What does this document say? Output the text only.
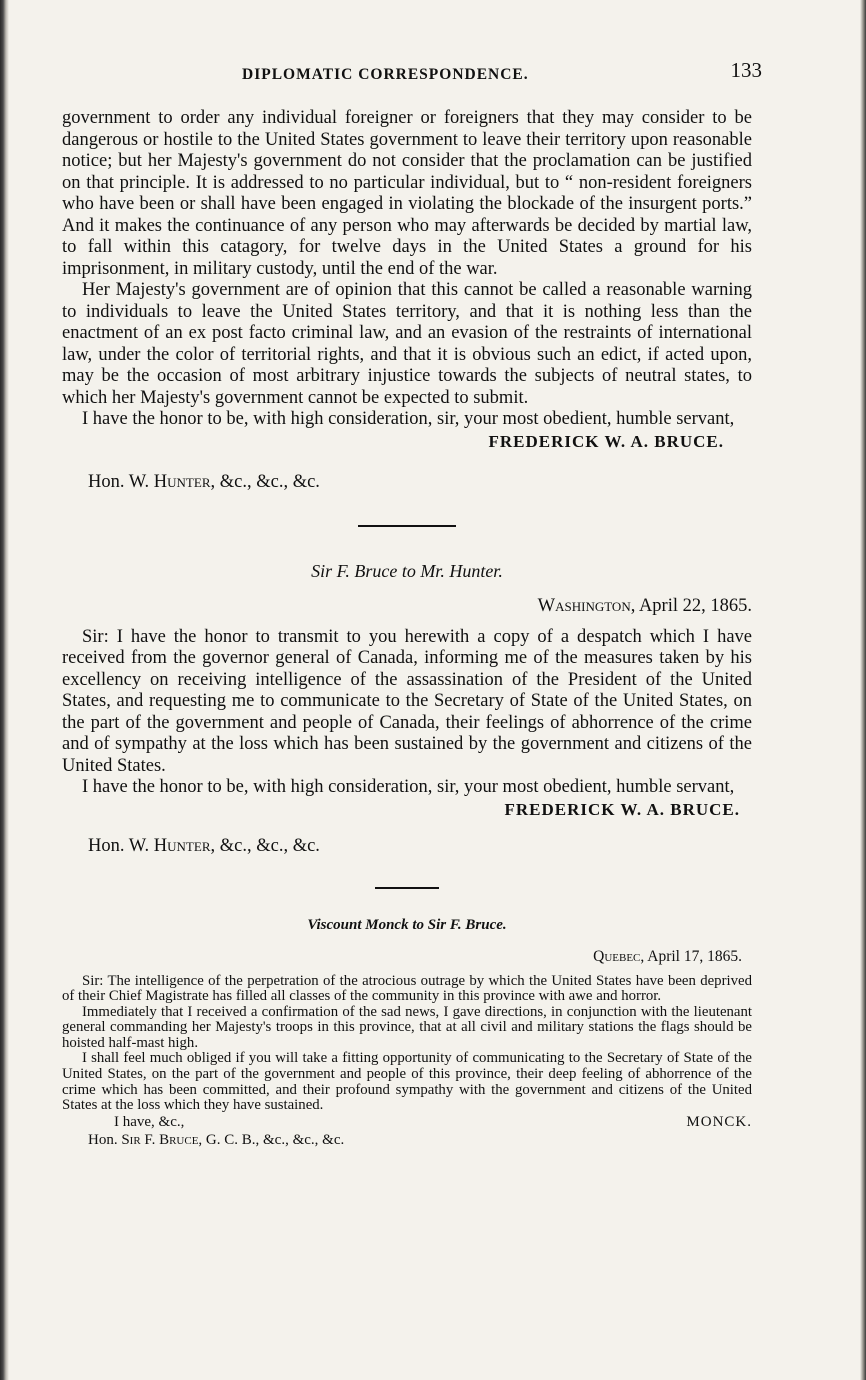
DIPLOMATIC CORRESPONDENCE.	133

government to order any individual foreigner or foreigners that they may consider to be dangerous or hostile to the United States government to leave their territory upon reasonable notice; but her Majesty's government do not consider that the proclamation can be justified on that principle. It is addressed to no particular individual, but to “ non-resident foreigners who have been or shall have been engaged in violating the blockade of the insurgent ports.” And it makes the continuance of any person who may afterwards be decided by martial law, to fall within this catagory, for twelve days in the United States a ground for his imprisonment, in military custody, until the end of the war.

Her Majesty's government are of opinion that this cannot be called a reasonable warning to individuals to leave the United States territory, and that it is nothing less than the enactment of an ex post facto criminal law, and an evasion of the restraints of international law, under the color of territorial rights, and that it is obvious such an edict, if acted upon, may be the occasion of most arbitrary injustice towards the subjects of neutral states, to which her Majesty's government cannot be expected to submit.

I have the honor to be, with high consideration, sir, your most obedient, humble servant,

FREDERICK W. A. BRUCE.
Hon. W. Hunter, &c., &c., &c.
Sir F. Bruce to Mr. Hunter.
Washington, April 22, 1865.

Sir: I have the honor to transmit to you herewith a copy of a despatch which I have received from the governor general of Canada, informing me of the measures taken by his excellency on receiving intelligence of the assassination of the President of the United States, and requesting me to communicate to the Secretary of State of the United States, on the part of the government and people of Canada, their feelings of abhorrence of the crime and of sympathy at the loss which has been sustained by the government and citizens of the United States.

I have the honor to be, with high consideration, sir, your most obedient, humble servant,

FREDERICK W. A. BRUCE.
Hon. W. Hunter, &c., &c., &c.
Viscount Monck to Sir F. Bruce.
Quebec, April 17, 1865.

Sir: The intelligence of the perpetration of the atrocious outrage by which the United States have been deprived of their Chief Magistrate has filled all classes of the community in this province with awe and horror.

Immediately that I received a confirmation of the sad news, I gave directions, in conjunction with the lieutenant general commanding her Majesty's troops in this province, that at all civil and military stations the flags should be hoisted half-mast high.

I shall feel much obliged if you will take a fitting opportunity of communicating to the Secretary of State of the United States, on the part of the government and people of this province, their deep feeling of abhorrence of the crime which has been committed, and their profound sympathy with the government and citizens of the United States at the loss which they have sustained.

I have, &c.,	MONCK.
Hon. Sir F. Bruce, G. C. B., &c., &c., &c.
